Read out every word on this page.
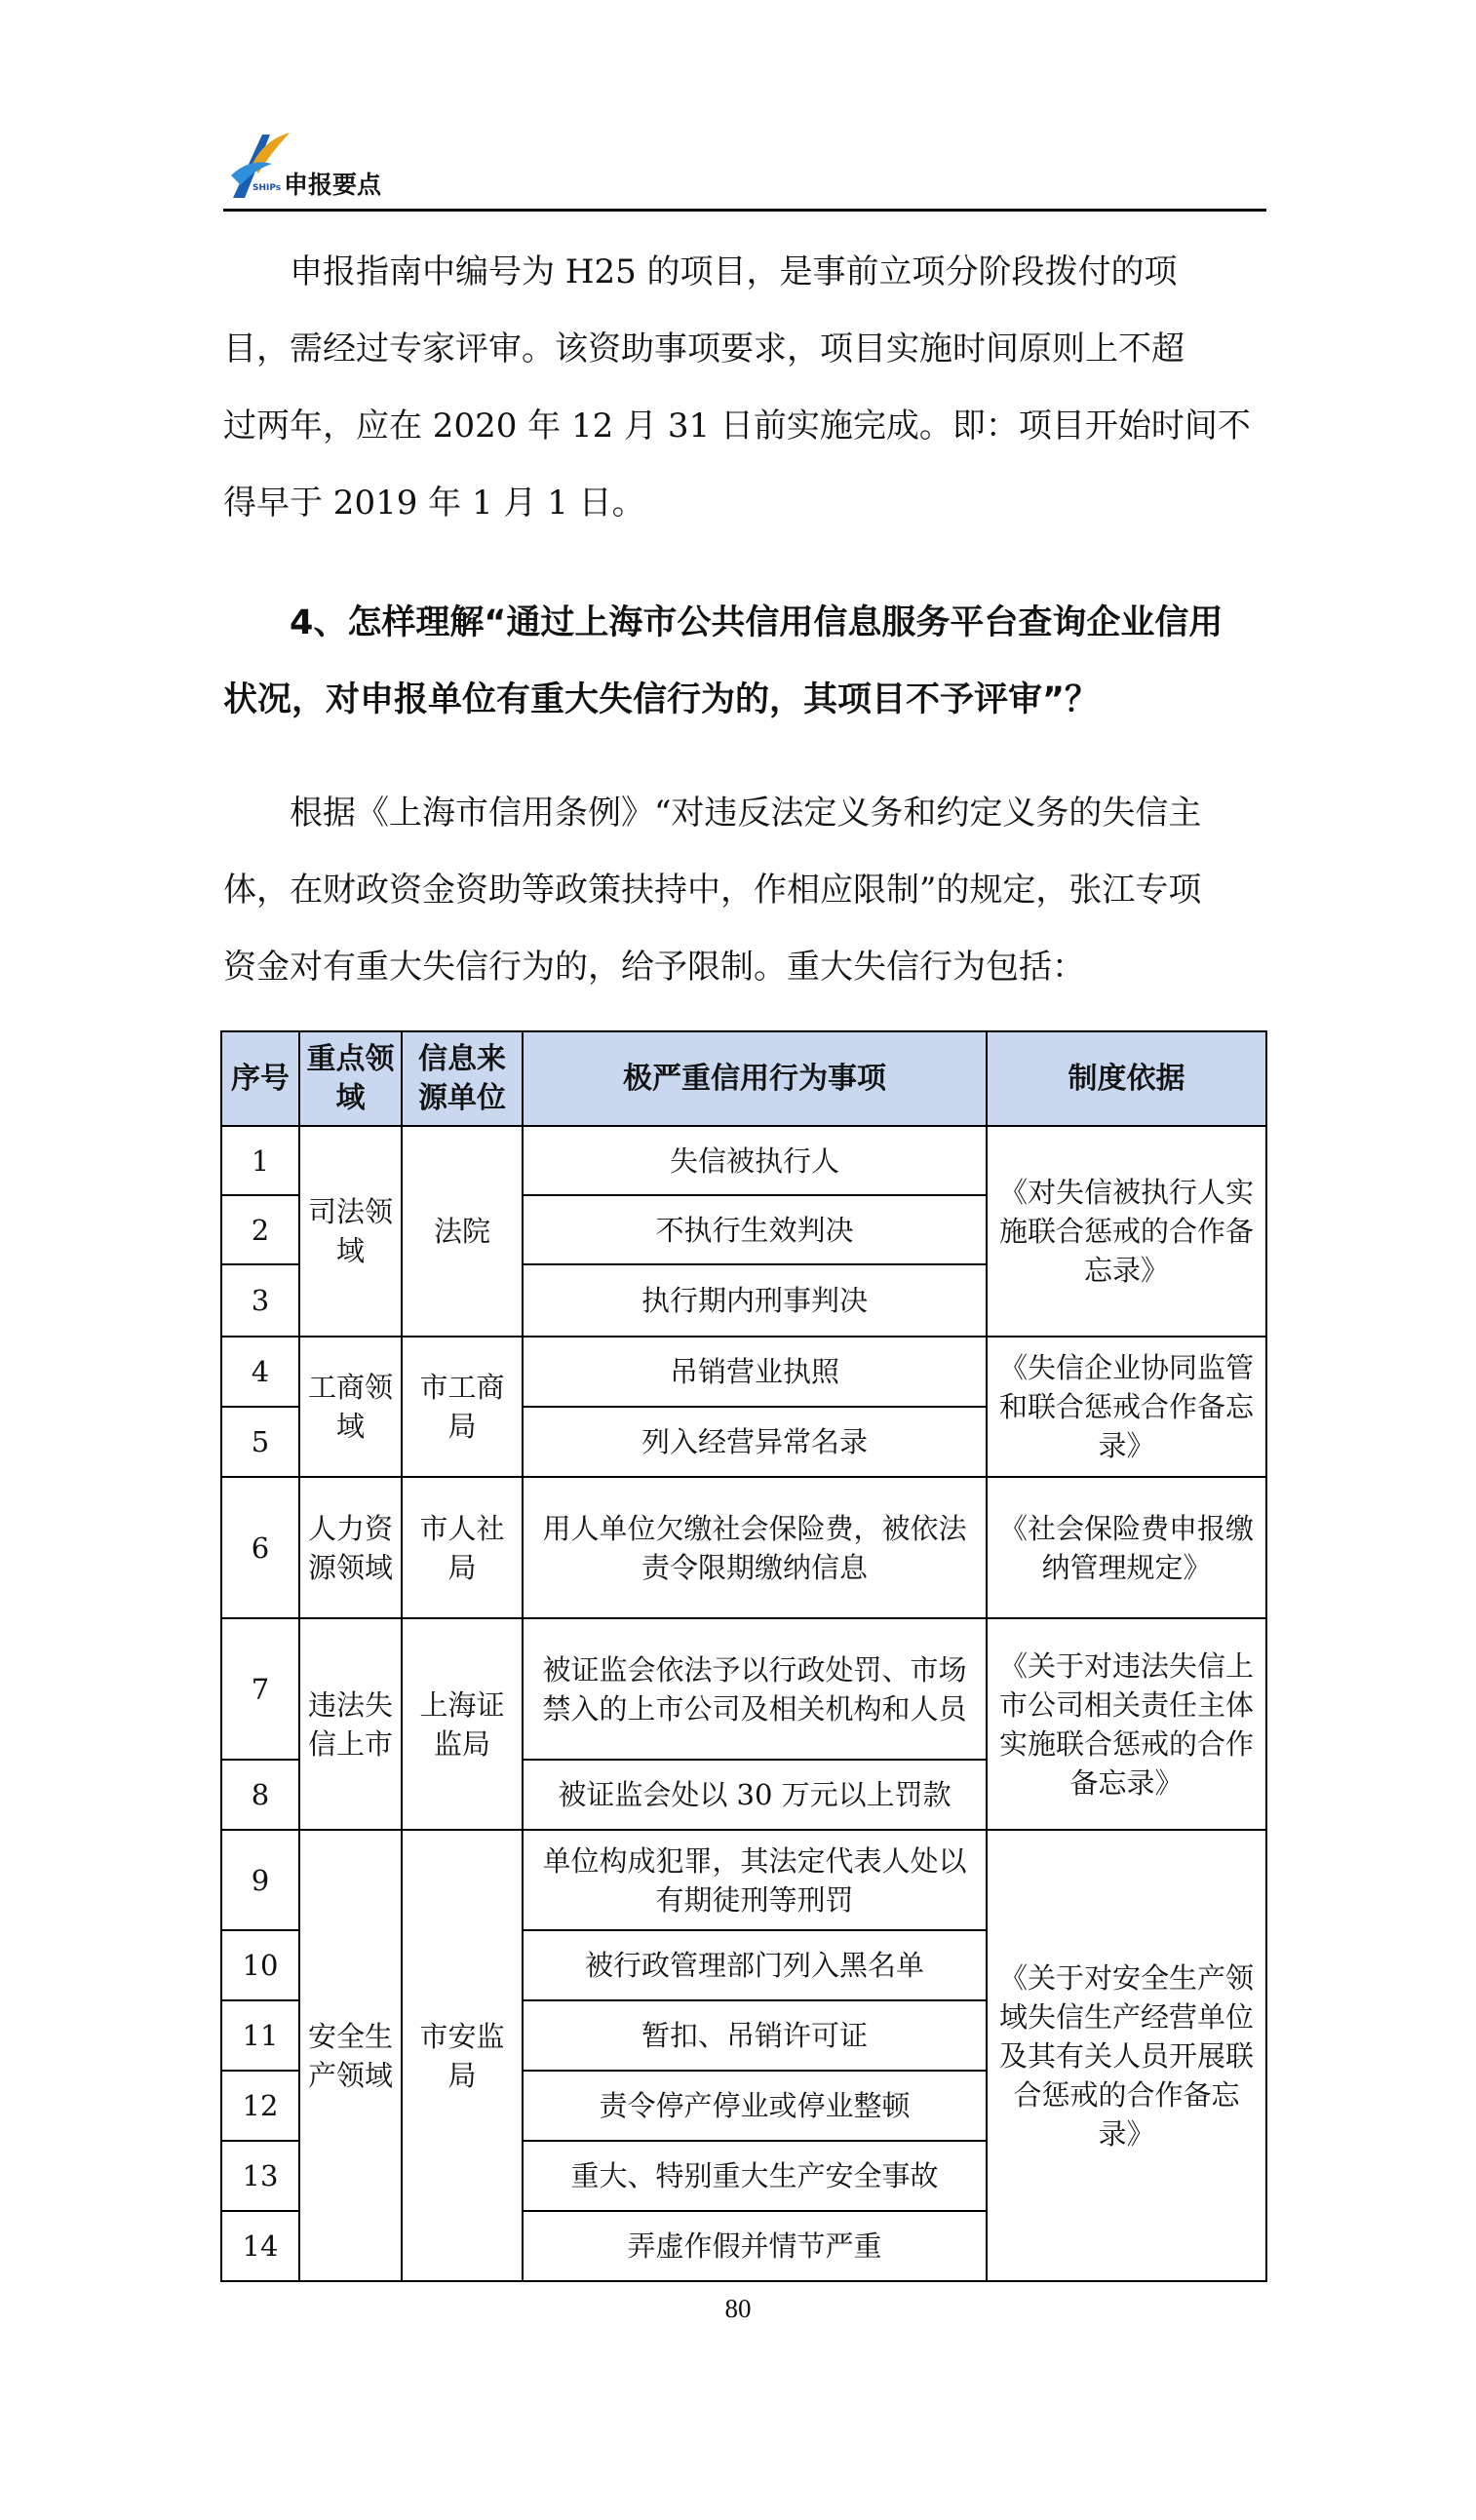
SHIPs 申报要点

申报指南中编号为 H25 的项目，是事前立项分阶段拨付的项
目，需经过专家评审。该资助事项要求，项目实施时间原则上不超
过两年，应在 2020 年 12 月 31 日前实施完成。即：项目开始时间不
得早于 2019 年 1 月 1 日。

4、怎样理解“通过上海市公共信用信息服务平台查询企业信用
状况，对申报单位有重大失信行为的，其项目不予评审”？

根据《上海市信用条例》“对违反法定义务和约定义务的失信主
体，在财政资金资助等政策扶持中，作相应限制”的规定，张江专项
资金对有重大失信行为的，给予限制。重大失信行为包括：

序号	重点领域	信息来源单位	极严重信用行为事项	制度依据
1	司法领域	法院	失信被执行人	《对失信被执行人实施联合惩戒的合作备忘录》
2			不执行生效判决	
3			执行期内刑事判决	
4	工商领域	市工商局	吊销营业执照	《失信企业协同监管和联合惩戒合作备忘录》
5			列入经营异常名录	
6	人力资源领域	市人社局	用人单位欠缴社会保险费，被依法责令限期缴纳信息	《社会保险费申报缴纳管理规定》
7	违法失信上市	上海证监局	被证监会依法予以行政处罚、市场禁入的上市公司及相关机构和人员	《关于对违法失信上市公司相关责任主体实施联合惩戒的合作备忘录》
8			被证监会处以 30 万元以上罚款	
9	安全生产领域	市安监局	单位构成犯罪，其法定代表人处以有期徒刑等刑罚	《关于对安全生产领域失信生产经营单位及其有关人员开展联合惩戒的合作备忘录》
10			被行政管理部门列入黑名单	
11			暂扣、吊销许可证	
12			责令停产停业或停业整顿	
13			重大、特别重大生产安全事故	
14			弄虚作假并情节严重	
80
